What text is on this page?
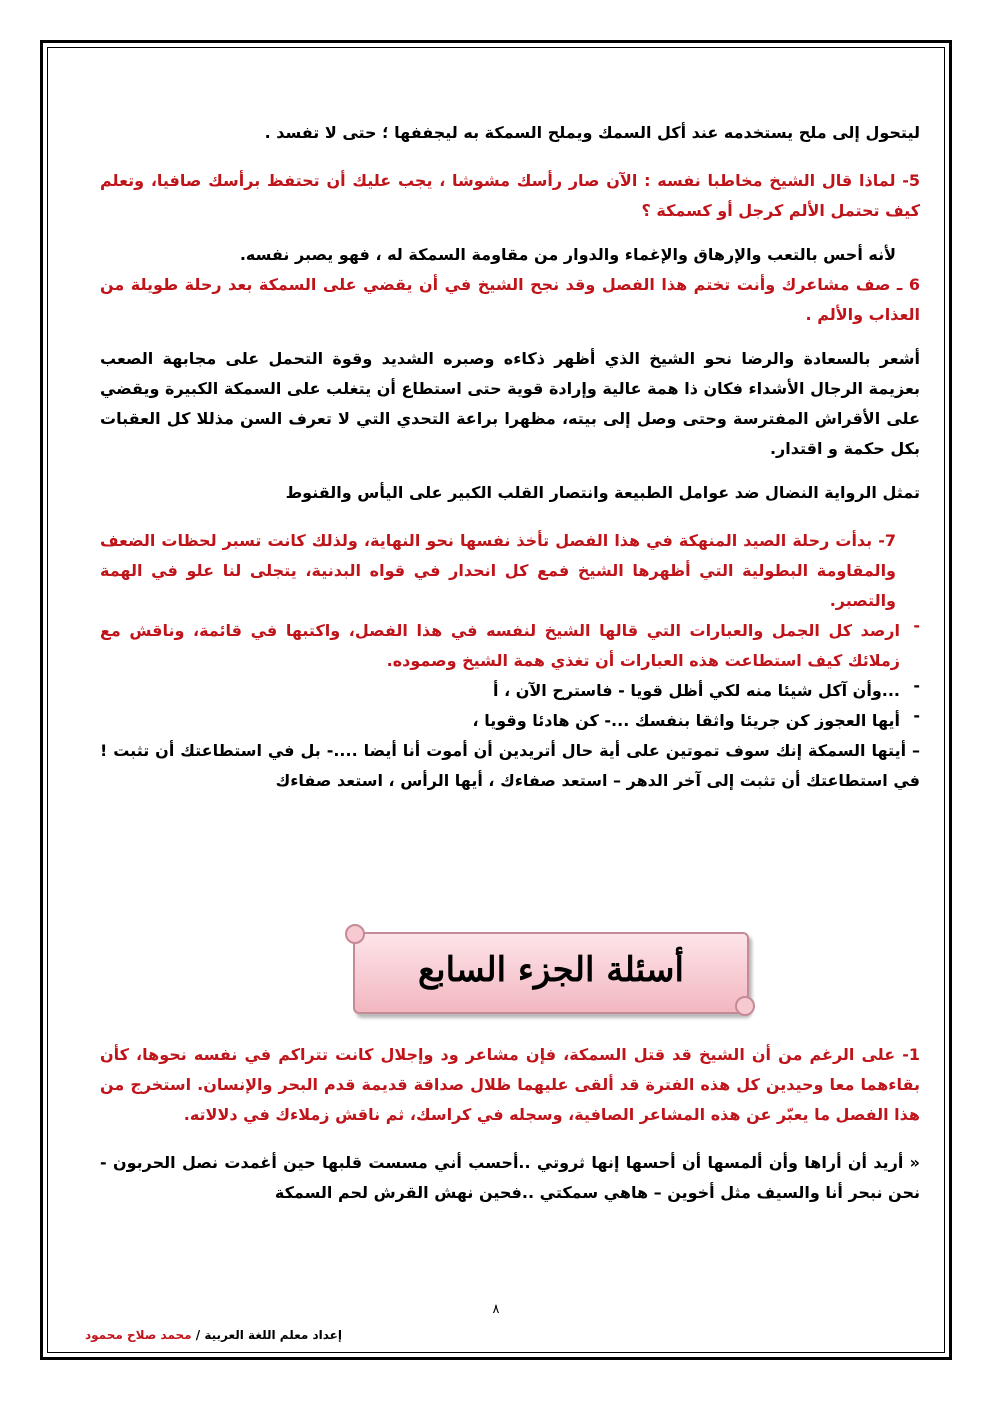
ليتحول إلى ملح يستخدمه عند أكل السمك ويملح السمكة به ليجففها ؛ حتى لا تفسد .

5- لماذا قال الشيخ مخاطبا نفسه : الآن صار رأسك مشوشا ، يجب عليك أن تحتفظ برأسك صافيا، وتعلم كيف تحتمل الألم كرجل أو كسمكة ؟

لأنه أحس بالتعب والإرهاق والإغماء والدوار من مقاومة السمكة له ، فهو يصبر نفسه.

6 ـ صف مشاعرك وأنت تختم هذا الفصل وقد نجح الشيخ في أن يقضي على السمكة بعد رحلة طويلة من العذاب والألم .

أشعر بالسعادة والرضا نحو الشيخ الذي أظهر ذكاءه وصبره الشديد وقوة التحمل على مجابهة الصعب بعزيمة الرجال الأشداء فكان ذا همة عالية وإرادة قوية حتى استطاع أن يتغلب على السمكة الكبيرة ويقضي على الأقراش المفترسة وحتى وصل إلى بيته، مظهرا براعة التحدي التي لا تعرف السن مذللا كل العقبات بكل حكمة و اقتدار.

تمثل الرواية النضال ضد عوامل الطبيعة وانتصار القلب الكبير على اليأس والقنوط

7- بدأت رحلة الصيد المنهكة في هذا الفصل تأخذ نفسها نحو النهاية، ولذلك كانت تسبر لحظات الضعف والمقاومة البطولية التي أظهرها الشيخ فمع كل انحدار في قواه البدنية، يتجلى لنا علو في الهمة والتصبر.

-

ارصد كل الجمل والعبارات التي قالها الشيخ لنفسه في هذا الفصل، واكتبها في قائمة، وناقش مع زملائك كيف استطاعت هذه العبارات أن تغذي همة الشيخ وصموده.

-

...وأن آكل شيئا منه لكي أظل قويا - فاسترح الآن ، أ

-

أيها العجوز كن جريئا واثقا بنفسك ...- كن هادئا وقويا ،

– أيتها السمكة إنك سوف تموتين على أية حال أتريدين أن أموت أنا أيضا ....- بل في استطاعتك أن تثبت ! في استطاعتك أن تثبت إلى آخر الدهر – استعد صفاءك ، أيها الرأس ، استعد صفاءك

أسئلة الجزء السابع

1- على الرغم من أن الشيخ قد قتل السمكة، فإن مشاعر ود وإجلال كانت تتراكم في نفسه نحوها، كأن بقاءهما معا وحيدين كل هذه الفترة قد ألقى عليهما ظلال صداقة قديمة قدم البحر والإنسان. استخرج من هذا الفصل ما يعبّر عن هذه المشاعر الصافية، وسجله في كراسك، ثم ناقش زملاءك في دلالاته.

« أريد أن أراها وأن ألمسها أن أحسها إنها ثروتي ..أحسب أني مسست قلبها حين أغمدت نصل الحربون - نحن نبحر أنا والسيف مثل أخوين – هاهي سمكتي ..فحين نهش القرش لحم السمكة

٨
إعداد معلم اللغة العربية / محمد صلاح محمود
